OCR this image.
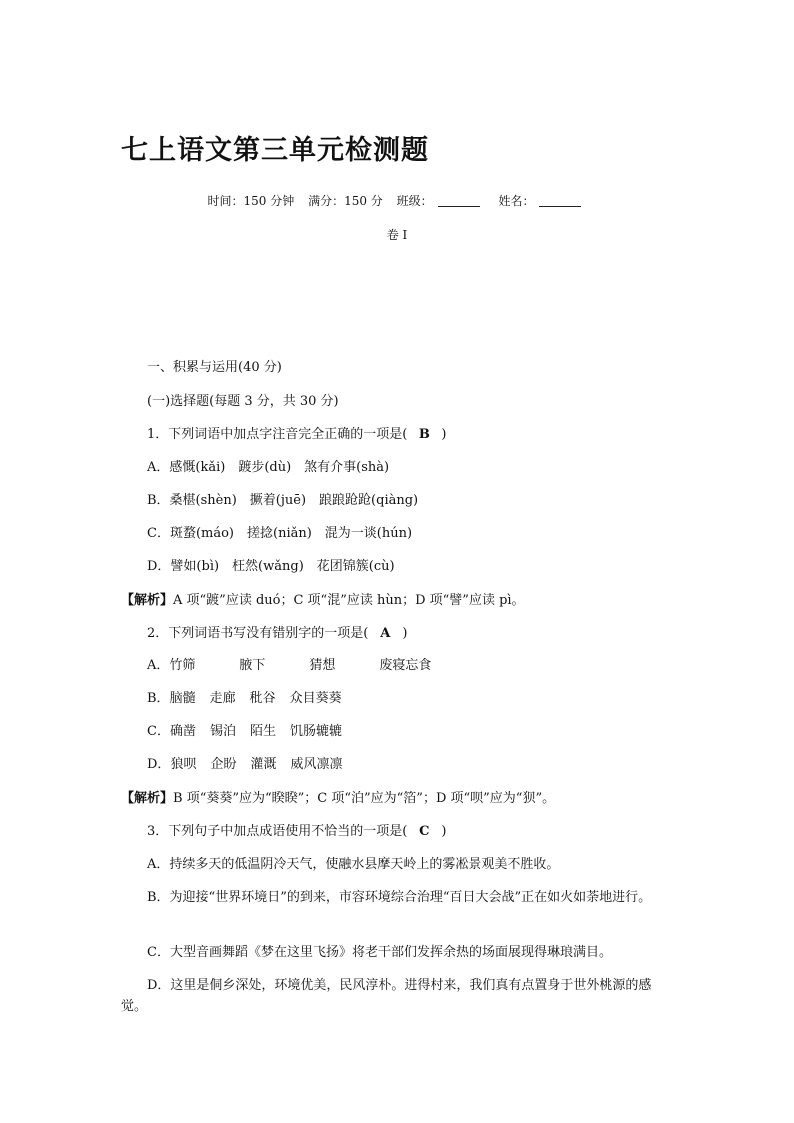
七上语文第三单元检测题
时间：150 分钟 满分：150 分 班级：	姓名：
卷 I
一、积累与运用(40 分)
(一)选择题(每题 3 分，共 30 分)
1．下列词语中加点字注音完全正确的一项是( B )
A．感慨(kǎi)　踱步(dù)　煞有介事(shà)
B．桑椹(shèn)　撅着(juē)　踉踉跄跄(qiàng)
C．斑蝥(máo)　搓捻(niǎn)　混为一谈(hún)
D．譬如(bì)　枉然(wǎng)　花团锦簇(cù)
【解析】A 项“踱”应读 duó；C 项“混”应读 hùn；D 项“譬”应读 pì。
2．下列词语书写没有错别字的一项是( A )
A．竹筛	腋下	猜想	废寝忘食
B．脑髓 走廊 秕谷 众目葵葵
C．确凿 锡泊 陌生 饥肠辘辘
D．狼呗 企盼 灌溉 威风凛凛
【解析】B 项“葵葵”应为“睽睽”；C 项“泊”应为“箔”；D 项“呗”应为“狈”。
3．下列句子中加点成语使用不恰当的一项是( C )
A．持续多天的低温阴冷天气，使融水县摩天岭上的雾凇景观美不胜收。
B．为迎接“世界环境日”的到来，市容环境综合治理“百日大会战”正在如火如荼地进行。
C．大型音画舞蹈《梦在这里飞扬》将老干部们发挥余热的场面展现得琳琅满目。
D．这里是侗乡深处，环境优美，民风淳朴。进得村来，我们真有点置身于世外桃源的感觉。
